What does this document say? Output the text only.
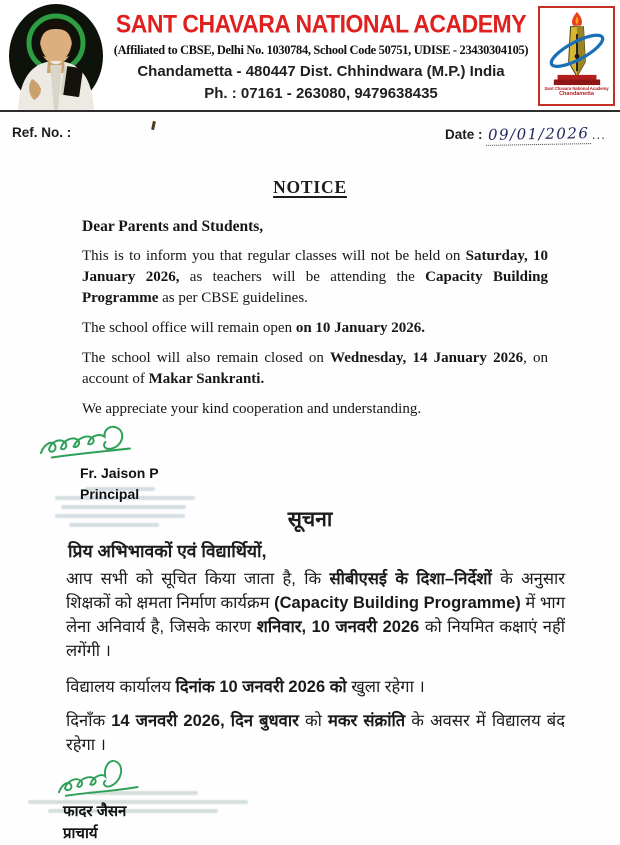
SANT CHAVARA NATIONAL ACADEMY
(Affiliated to CBSE, Delhi No. 1030784, School Code 50751, UDISE - 23430304105)
Chandametta - 480447 Dist. Chhindwara (M.P.) India
Ph. : 07161 - 263080, 9479638435	Sant Chavara National Academy
Chandametta
Ref. No. :	Date : 09/01/2026 ...
NOTICE
Dear Parents and Students,

This is to inform you that regular classes will not be held on Saturday, 10 January 2026, as teachers will be attending the Capacity Building Programme as per CBSE guidelines.

The school office will remain open on 10 January 2026.

The school will also remain closed on Wednesday, 14 January 2026, on account of Makar Sankranti.

We appreciate your kind cooperation and understanding.

Fr. Jaison P
Principal
सूचना
प्रिय अभिभावकों एवं विद्यार्थियों,

आप सभी को सूचित किया जाता है, कि सीबीएसई के दिशा–निर्देशों के अनुसार शिक्षकों को क्षमता निर्माण कार्यक्रम (Capacity Building Programme) में भाग लेना अनिवार्य है, जिसके कारण शनिवार, 10 जनवरी 2026 को नियमित कक्षाएं नहीं लगेंगी ।

विद्यालय कार्यालय दिनांक 10 जनवरी 2026 को खुला रहेगा ।

दिनाँक 14 जनवरी 2026, दिन बुधवार को मकर संक्रांति के अवसर में विद्यालय बंद रहेगा ।

फादर जैसन
प्राचार्य
